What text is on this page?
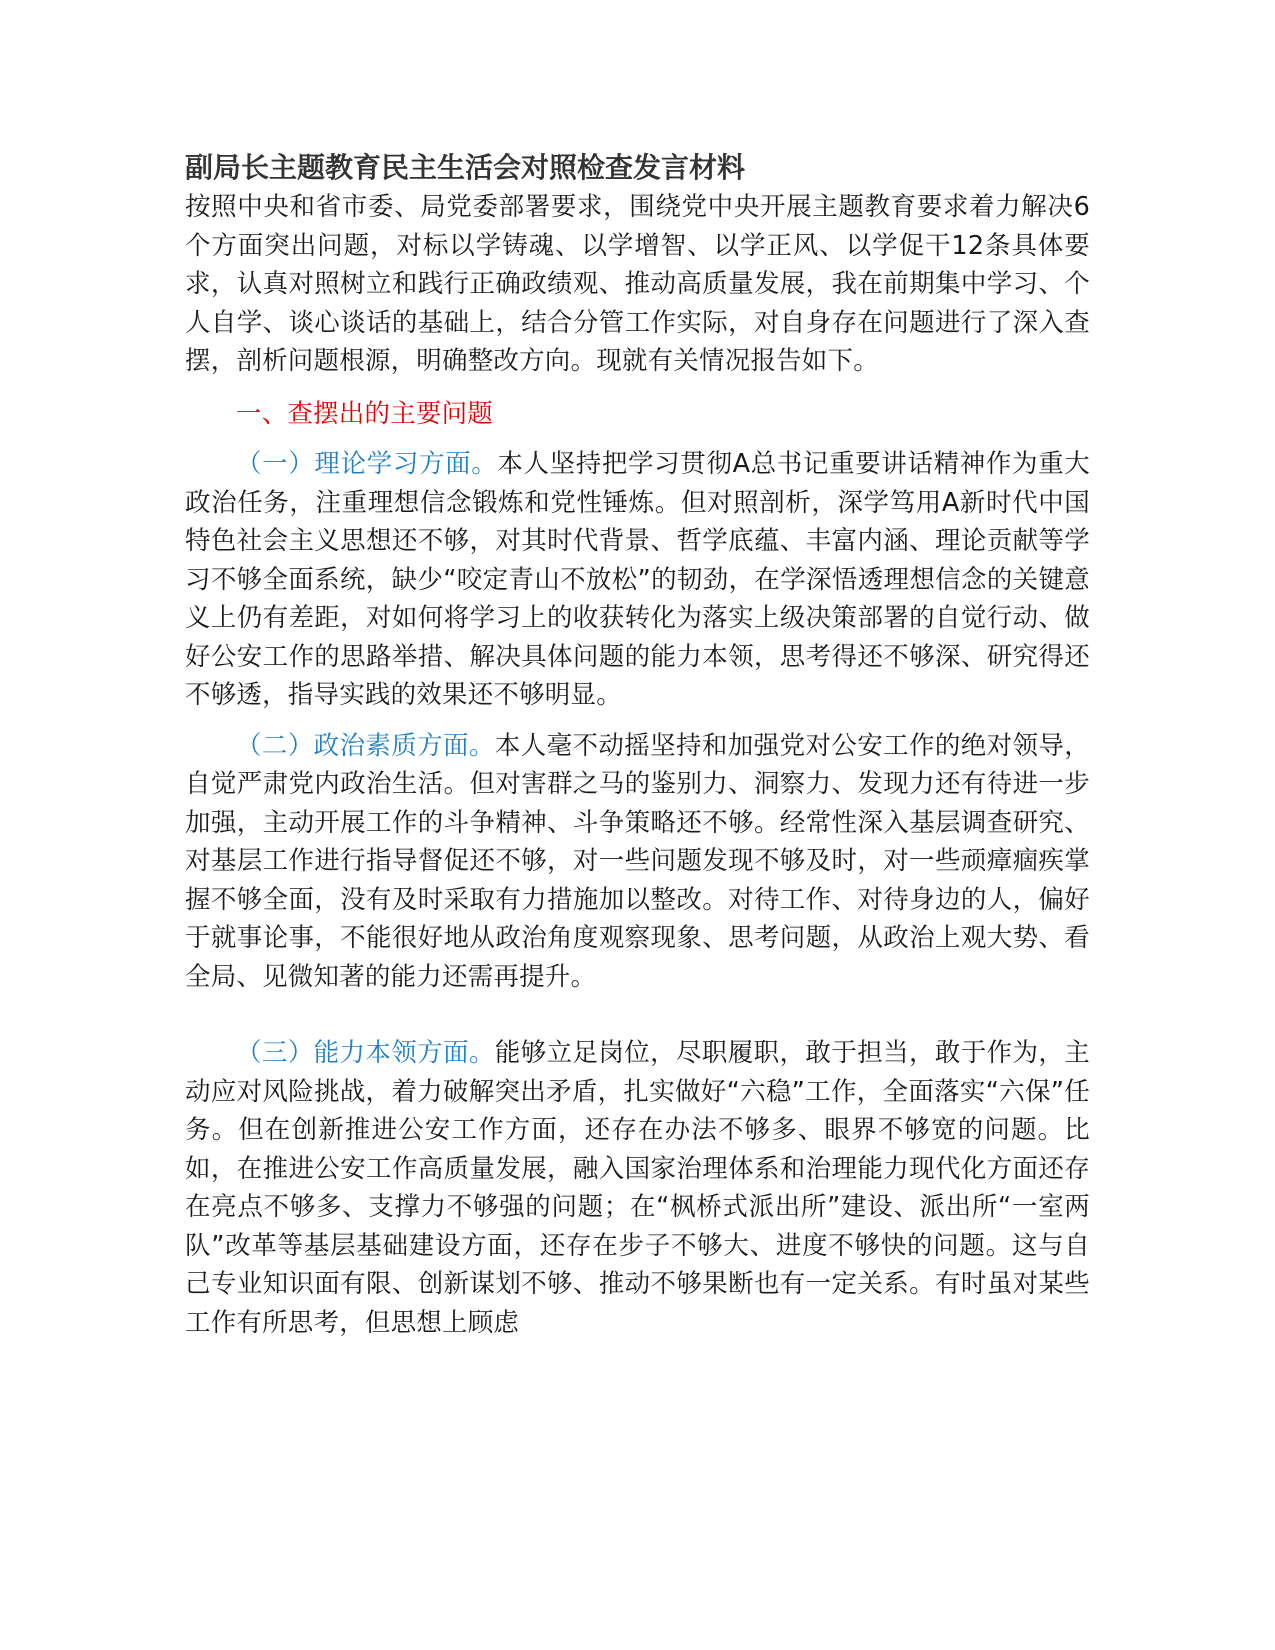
副局长主题教育民主生活会对照检查发言材料

按照中央和省市委、局党委部署要求，围绕党中央开展主题教育要求着力解决6个方面突出问题，对标以学铸魂、以学增智、以学正风、以学促干12条具体要求，认真对照树立和践行正确政绩观、推动高质量发展，我在前期集中学习、个人自学、谈心谈话的基础上，结合分管工作实际，对自身存在问题进行了深入查摆，剖析问题根源，明确整改方向。现就有关情况报告如下。

一、查摆出的主要问题

（一）理论学习方面。本人坚持把学习贯彻A总书记重要讲话精神作为重大政治任务，注重理想信念锻炼和党性锤炼。但对照剖析，深学笃用A新时代中国特色社会主义思想还不够，对其时代背景、哲学底蕴、丰富内涵、理论贡献等学习不够全面系统，缺少“咬定青山不放松”的韧劲，在学深悟透理想信念的关键意义上仍有差距，对如何将学习上的收获转化为落实上级决策部署的自觉行动、做好公安工作的思路举措、解决具体问题的能力本领，思考得还不够深、研究得还不够透，指导实践的效果还不够明显。

（二）政治素质方面。本人毫不动摇坚持和加强党对公安工作的绝对领导，自觉严肃党内政治生活。但对害群之马的鉴别力、洞察力、发现力还有待进一步加强，主动开展工作的斗争精神、斗争策略还不够。经常性深入基层调查研究、对基层工作进行指导督促还不够，对一些问题发现不够及时，对一些顽瘴痼疾掌握不够全面，没有及时采取有力措施加以整改。对待工作、对待身边的人，偏好于就事论事，不能很好地从政治角度观察现象、思考问题，从政治上观大势、看全局、见微知著的能力还需再提升。

（三）能力本领方面。能够立足岗位，尽职履职，敢于担当，敢于作为，主动应对风险挑战，着力破解突出矛盾，扎实做好“六稳”工作，全面落实“六保”任务。但在创新推进公安工作方面，还存在办法不够多、眼界不够宽的问题。比如，在推进公安工作高质量发展，融入国家治理体系和治理能力现代化方面还存在亮点不够多、支撑力不够强的问题；在“枫桥式派出所”建设、派出所“一室两队”改革等基层基础建设方面，还存在步子不够大、进度不够快的问题。这与自己专业知识面有限、创新谋划不够、推动不够果断也有一定关系。有时虽对某些工作有所思考，但思想上顾虑
